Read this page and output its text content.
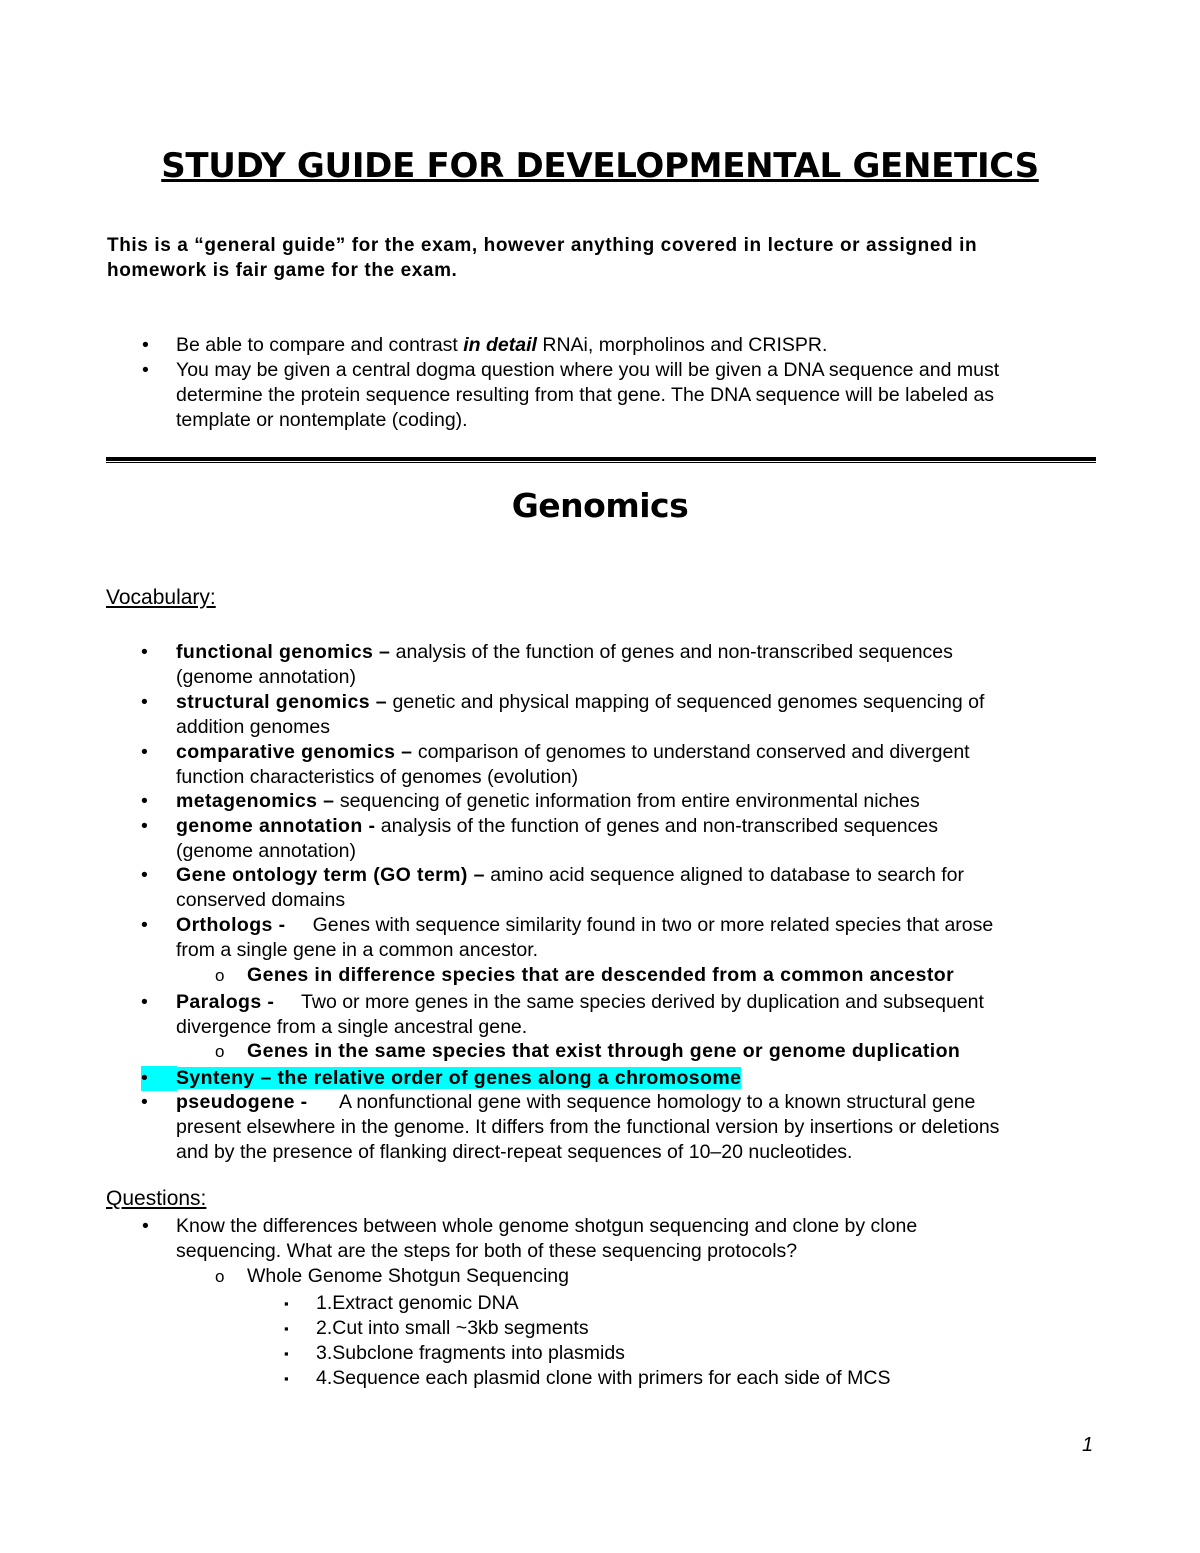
STUDY GUIDE FOR DEVELOPMENTAL GENETICS
This is a “general guide” for the exam, however anything covered in lecture or assigned in
homework is fair game for the exam.
•	Be able to compare and contrast in detail RNAi, morpholinos and CRISPR.
•	You may be given a central dogma question where you will be given a DNA sequence and must
determine the protein sequence resulting from that gene. The DNA sequence will be labeled as
template or nontemplate (coding).
Genomics
Vocabulary:
•	functional genomics – analysis of the function of genes and non-transcribed sequences
(genome annotation)
•	structural genomics – genetic and physical mapping of sequenced genomes sequencing of
addition genomes
•	comparative genomics – comparison of genomes to understand conserved and divergent
function characteristics of genomes (evolution)
•	metagenomics – sequencing of genetic information from entire environmental niches
•	genome annotation - analysis of the function of genes and non-transcribed sequences
(genome annotation)
•	Gene ontology term (GO term) – amino acid sequence aligned to database to search for
conserved domains
•	Orthologs -     Genes with sequence similarity found in two or more related species that arose
from a single gene in a common ancestor.
o Genes in difference species that are descended from a common ancestor
•	Paralogs -     Two or more genes in the same species derived by duplication and subsequent
divergence from a single ancestral gene.
o Genes in the same species that exist through gene or genome duplication
•	Synteny – the relative order of genes along a chromosome
•	pseudogene -      A nonfunctional gene with sequence homology to a known structural gene
present elsewhere in the genome. It differs from the functional version by insertions or deletions
and by the presence of flanking direct-repeat sequences of 10–20 nucleotides.
Questions:
•	Know the differences between whole genome shotgun sequencing and clone by clone
sequencing. What are the steps for both of these sequencing protocols?
o Whole Genome Shotgun Sequencing
▪ 1.Extract genomic DNA
▪ 2.Cut into small ~3kb segments
▪ 3.Subclone fragments into plasmids
▪ 4.Sequence each plasmid clone with primers for each side of MCS
1
